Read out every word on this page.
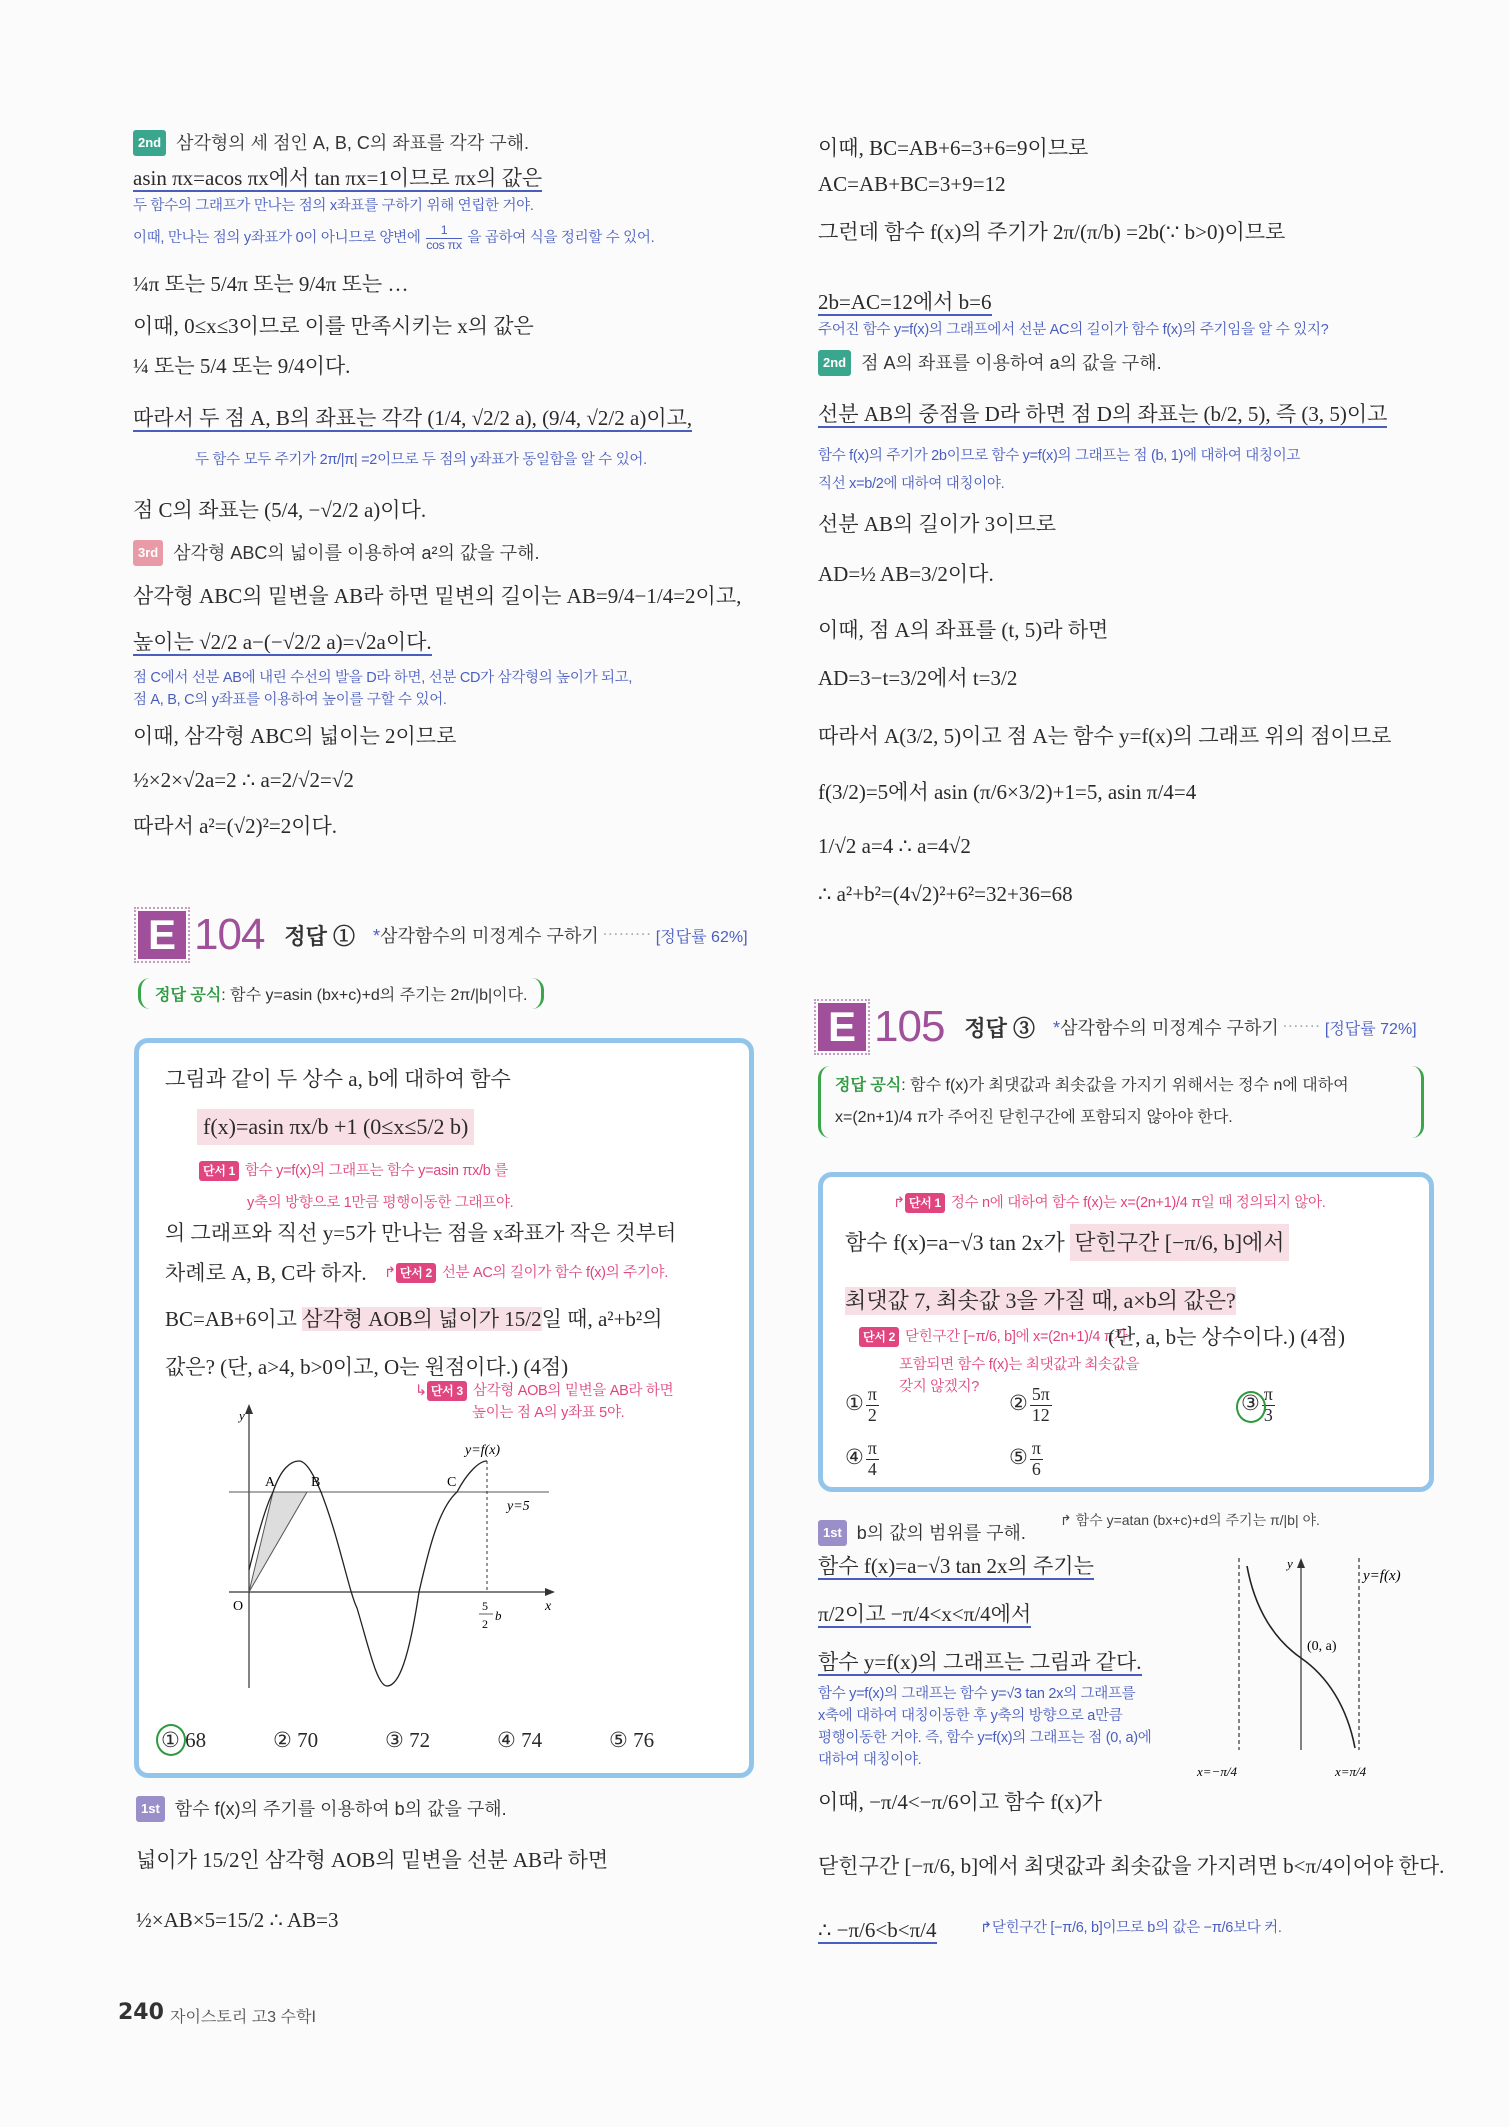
2nd 삼각형의 세 점인 A, B, C의 좌표를 각각 구해.
asin πx=acos πx에서 tan πx=1이므로 πx의 값은
두 함수의 그래프가 만나는 점의 x좌표를 구하기 위해 연립한 거야.
이때, 만나는 점의 y좌표가 0이 아니므로 양변에 $\frac{1}{\text{cos πx}}$ 을 곱하여 식을 정리할 수 있어.
¼π 또는 5/4π 또는 9/4π 또는 …
이때, 0≤x≤3이므로 이를 만족시키는 x의 값은
¼ 또는 5/4 또는 9/4이다.
따라서 두 점 A, B의 좌표는 각각 (1/4, √2/2 a), (9/4, √2/2 a)이고,
두 함수 모두 주기가 2π/|π| =2이므로 두 점의 y좌표가 동일함을 알 수 있어.
점 C의 좌표는 (5/4, −√2/2 a)이다.
3rd 삼각형 ABC의 넓이를 이용하여 a²의 값을 구해.
삼각형 ABC의 밑변을 AB라 하면 밑변의 길이는 AB=9/4−1/4=2이고,
높이는 √2/2 a−(−√2/2 a)=√2a이다.
점 C에서 선분 AB에 내린 수선의 발을 D라 하면, 선분 CD가 삼각형의 높이가 되고,
점 A, B, C의 y좌표를 이용하여 높이를 구할 수 있어.
이때, 삼각형 ABC의 넓이는 2이므로
½×2×√2a=2 ∴ a=2/√2=√2
따라서 a²=(√2)²=2이다.
E 104 정답 ① *삼각함수의 미정계수 구하기 ········· [정답률 62%]
정답 공식: 함수 y=asin (bx+c)+d의 주기는 2π/|b|이다.
그림과 같이 두 상수 a, b에 대하여 함수
f(x)=asin πx/b +1 (0≤x≤5/2 b)
단서 1 함수 y=f(x)의 그래프는 함수 y=asin πx/b 를
y축의 방향으로 1만큼 평행이동한 그래프야.
의 그래프와 직선 y=5가 만나는 점을 x좌표가 작은 것부터
차례로 A, B, C라 하자. ↱ 단서 2 선분 AC의 길이가 함수 f(x)의 주기야.
BC=AB+6이고 삼각형 AOB의 넓이가 15/2일 때, a²+b²의
값은? (단, a>4, b>0이고, O는 원점이다.) (4점)
↳ 단서 3 삼각형 AOB의 밑변을 AB라 하면
높이는 점 A의 y좌표 5야.
y
x
O
A	B	C
y=f(x)
y=5
5
2
b
① 68	② 70	③ 72	④ 74	⑤ 76
1st 함수 f(x)의 주기를 이용하여 b의 값을 구해.
넓이가 15/2인 삼각형 AOB의 밑변을 선분 AB라 하면
½×AB×5=15/2 ∴ AB=3
이때, BC=AB+6=3+6=9이므로
AC=AB+BC=3+9=12
그런데 함수 f(x)의 주기가 2π/(π/b) =2b(∵ b>0)이므로
2b=AC=12에서 b=6
주어진 함수 y=f(x)의 그래프에서 선분 AC의 길이가 함수 f(x)의 주기임을 알 수 있지?
2nd 점 A의 좌표를 이용하여 a의 값을 구해.
선분 AB의 중점을 D라 하면 점 D의 좌표는 (b/2, 5), 즉 (3, 5)이고
함수 f(x)의 주기가 2b이므로 함수 y=f(x)의 그래프는 점 (b, 1)에 대하여 대칭이고
직선 x=b/2에 대하여 대칭이야.
선분 AB의 길이가 3이므로
AD=½ AB=3/2이다.
이때, 점 A의 좌표를 (t, 5)라 하면
AD=3−t=3/2에서 t=3/2
따라서 A(3/2, 5)이고 점 A는 함수 y=f(x)의 그래프 위의 점이므로
f(3/2)=5에서 asin (π/6×3/2)+1=5, asin π/4=4
1/√2 a=4 ∴ a=4√2
∴ a²+b²=(4√2)²+6²=32+36=68
E 105 정답 ③ *삼각함수의 미정계수 구하기 ······· [정답률 72%]
정답 공식: 함수 f(x)가 최댓값과 최솟값을 가지기 위해서는 정수 n에 대하여
x=(2n+1)/4 π가 주어진 닫힌구간에 포함되지 않아야 한다.
↱ 단서 1 정수 n에 대하여 함수 f(x)는 x=(2n+1)/4 π일 때 정의되지 않아.
함수 f(x)=a−√3 tan 2x가 닫힌구간 [−π/6, b]에서
최댓값 7, 최솟값 3을 가질 때, a×b의 값은?
단서 2 닫힌구간 [−π/6, b]에 x=(2n+1)/4 π가
(단, a, b는 상수이다.) (4점)
포함되면 함수 f(x)는 최댓값과 최솟값을
갖지 않겠지?
① $\frac{\pi}{2}$	② $\frac{5\pi}{12}$	③ $\frac{\pi}{3}$
④ $\frac{\pi}{4}$	⑤ $\frac{\pi}{6}$
1st b의 값의 범위를 구해.
↱ 함수 y=atan (bx+c)+d의 주기는 π/|b| 야.
함수 f(x)=a−√3 tan 2x의 주기는
π/2이고 −π/4<x<π/4에서
함수 y=f(x)의 그래프는 그림과 같다.
함수 y=f(x)의 그래프는 함수 y=√3 tan 2x의 그래프를
x축에 대하여 대칭이동한 후 y축의 방향으로 a만큼
평행이동한 거야. 즉, 함수 y=f(x)의 그래프는 점 (0, a)에
대하여 대칭이야.
y
y=f(x)
(0, a)
x=−π/4	x=π/4
이때, −π/4<−π/6이고 함수 f(x)가
닫힌구간 [−π/6, b]에서 최댓값과 최솟값을 가지려면 b<π/4이어야 한다.
∴ −π/6<b<π/4	↱닫힌구간 [−π/6, b]이므로 b의 값은 −π/6보다 커.
240 자이스토리 고3 수학Ⅰ
